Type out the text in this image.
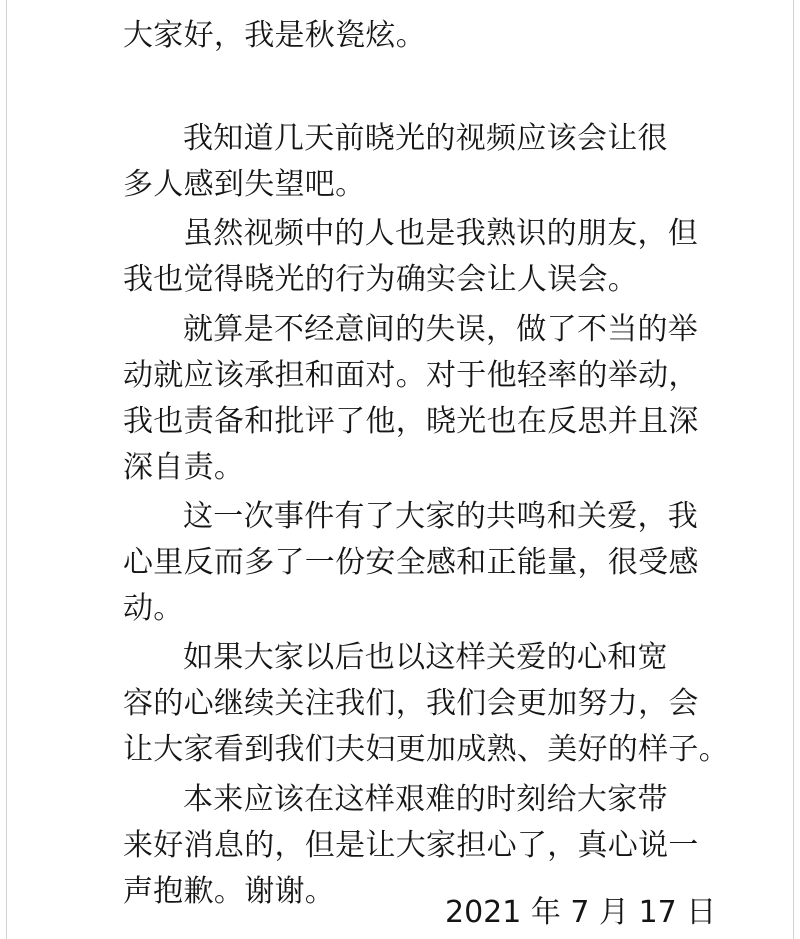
大家好，我是秋瓷炫。

我知道几天前晓光的视频应该会让很

多人感到失望吧。

虽然视频中的人也是我熟识的朋友，但

我也觉得晓光的行为确实会让人误会。

就算是不经意间的失误，做了不当的举

动就应该承担和面对。对于他轻率的举动，

我也责备和批评了他，晓光也在反思并且深

深自责。

这一次事件有了大家的共鸣和关爱，我

心里反而多了一份安全感和正能量，很受感

动。

如果大家以后也以这样关爱的心和宽

容的心继续关注我们，我们会更加努力，会

让大家看到我们夫妇更加成熟、美好的样子。

本来应该在这样艰难的时刻给大家带

来好消息的，但是让大家担心了，真心说一

声抱歉。谢谢。

2021 年 7 月 17 日
